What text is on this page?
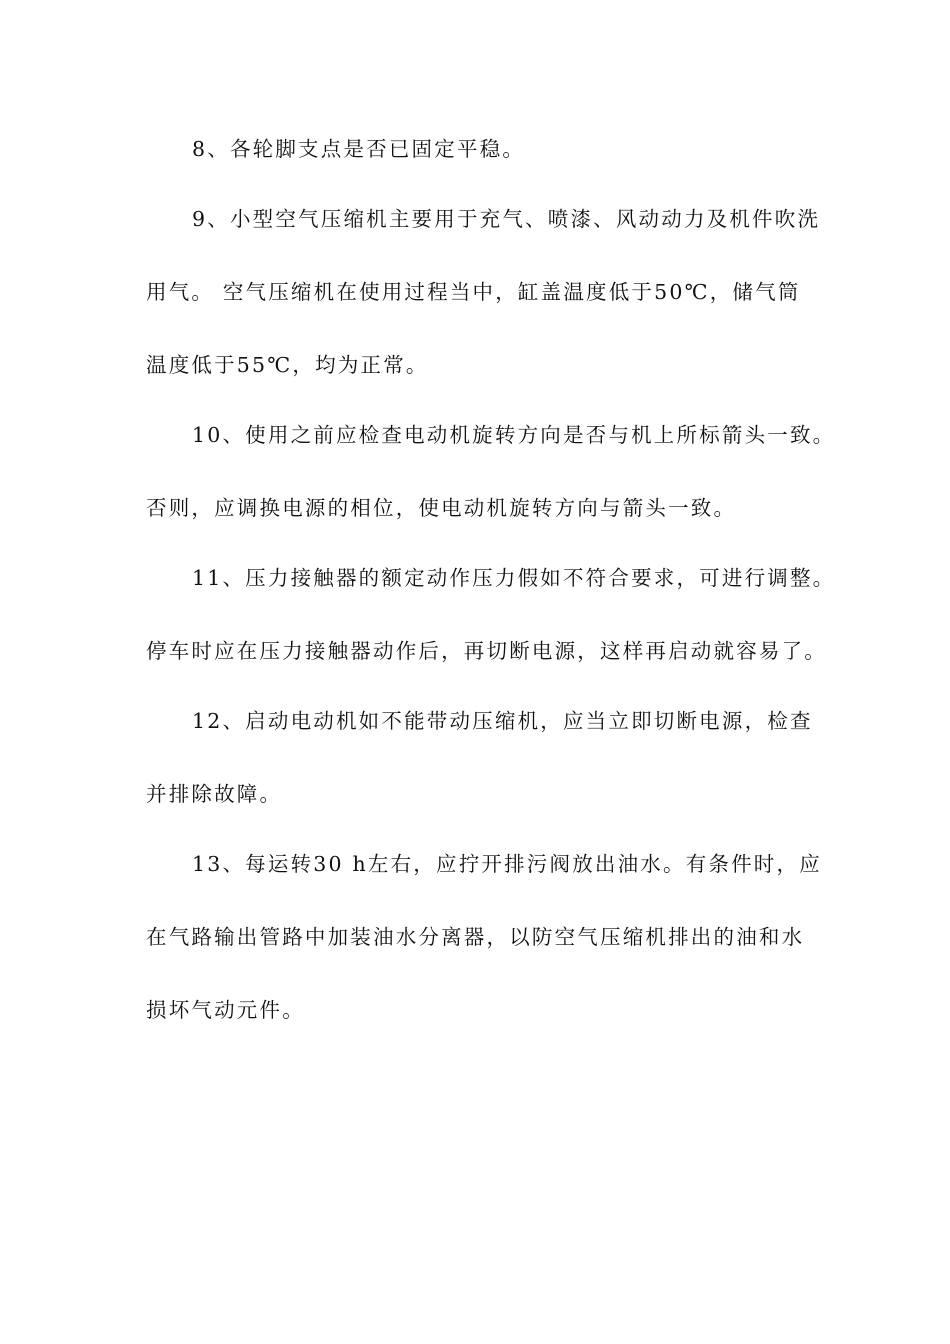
8、各轮脚支点是否已固定平稳。

9、小型空气压缩机主要用于充气、喷漆、风动动力及机件吹洗

用气。 空气压缩机在使用过程当中，缸盖温度低于50℃，储气筒

温度低于55℃，均为正常。

10、使用之前应检查电动机旋转方向是否与机上所标箭头一致。

否则，应调换电源的相位，使电动机旋转方向与箭头一致。

11、压力接触器的额定动作压力假如不符合要求，可进行调整。

停车时应在压力接触器动作后，再切断电源，这样再启动就容易了。

12、启动电动机如不能带动压缩机，应当立即切断电源，检查

并排除故障。

13、每运转30 h左右，应拧开排污阀放出油水。有条件时，应

在气路输出管路中加装油水分离器，以防空气压缩机排出的油和水

损坏气动元件。
